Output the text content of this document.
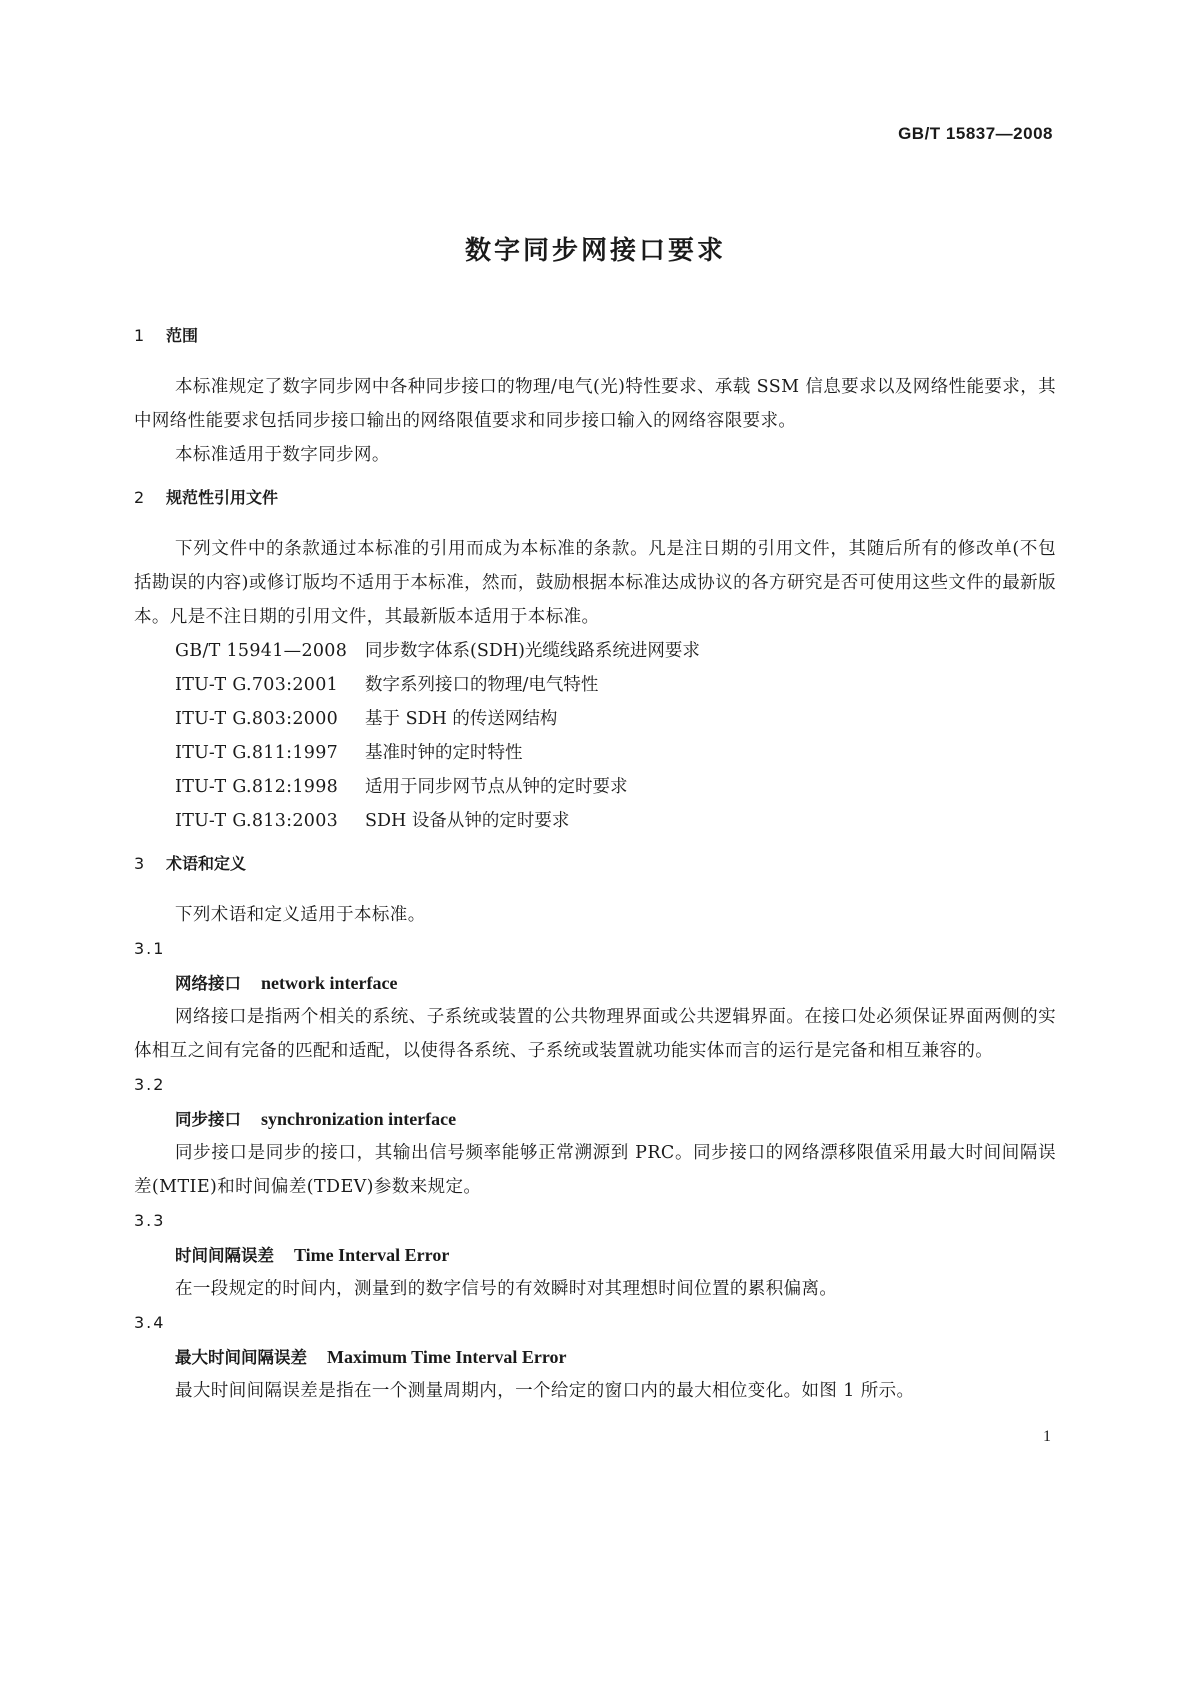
GB/T 15837—2008
数字同步网接口要求
1 范围
本标准规定了数字同步网中各种同步接口的物理/电气(光)特性要求、承载 SSM 信息要求以及网络性能要求，其中网络性能要求包括同步接口输出的网络限值要求和同步接口输入的网络容限要求。
本标准适用于数字同步网。
2 规范性引用文件
下列文件中的条款通过本标准的引用而成为本标准的条款。凡是注日期的引用文件，其随后所有的修改单(不包括勘误的内容)或修订版均不适用于本标准，然而，鼓励根据本标准达成协议的各方研究是否可使用这些文件的最新版本。凡是不注日期的引用文件，其最新版本适用于本标准。
GB/T 15941—2008 同步数字体系(SDH)光缆线路系统进网要求
ITU-T G.703:2001 数字系列接口的物理/电气特性
ITU-T G.803:2000 基于 SDH 的传送网结构
ITU-T G.811:1997 基准时钟的定时特性
ITU-T G.812:1998 适用于同步网节点从钟的定时要求
ITU-T G.813:2003 SDH 设备从钟的定时要求
3 术语和定义
下列术语和定义适用于本标准。
3.1
网络接口 network interface
网络接口是指两个相关的系统、子系统或装置的公共物理界面或公共逻辑界面。在接口处必须保证界面两侧的实体相互之间有完备的匹配和适配，以使得各系统、子系统或装置就功能实体而言的运行是完备和相互兼容的。
3.2
同步接口 synchronization interface
同步接口是同步的接口，其输出信号频率能够正常溯源到 PRC。同步接口的网络漂移限值采用最大时间间隔误差(MTIE)和时间偏差(TDEV)参数来规定。
3.3
时间间隔误差 Time Interval Error
在一段规定的时间内，测量到的数字信号的有效瞬时对其理想时间位置的累积偏离。
3.4
最大时间间隔误差 Maximum Time Interval Error
最大时间间隔误差是指在一个测量周期内，一个给定的窗口内的最大相位变化。如图 1 所示。
1
